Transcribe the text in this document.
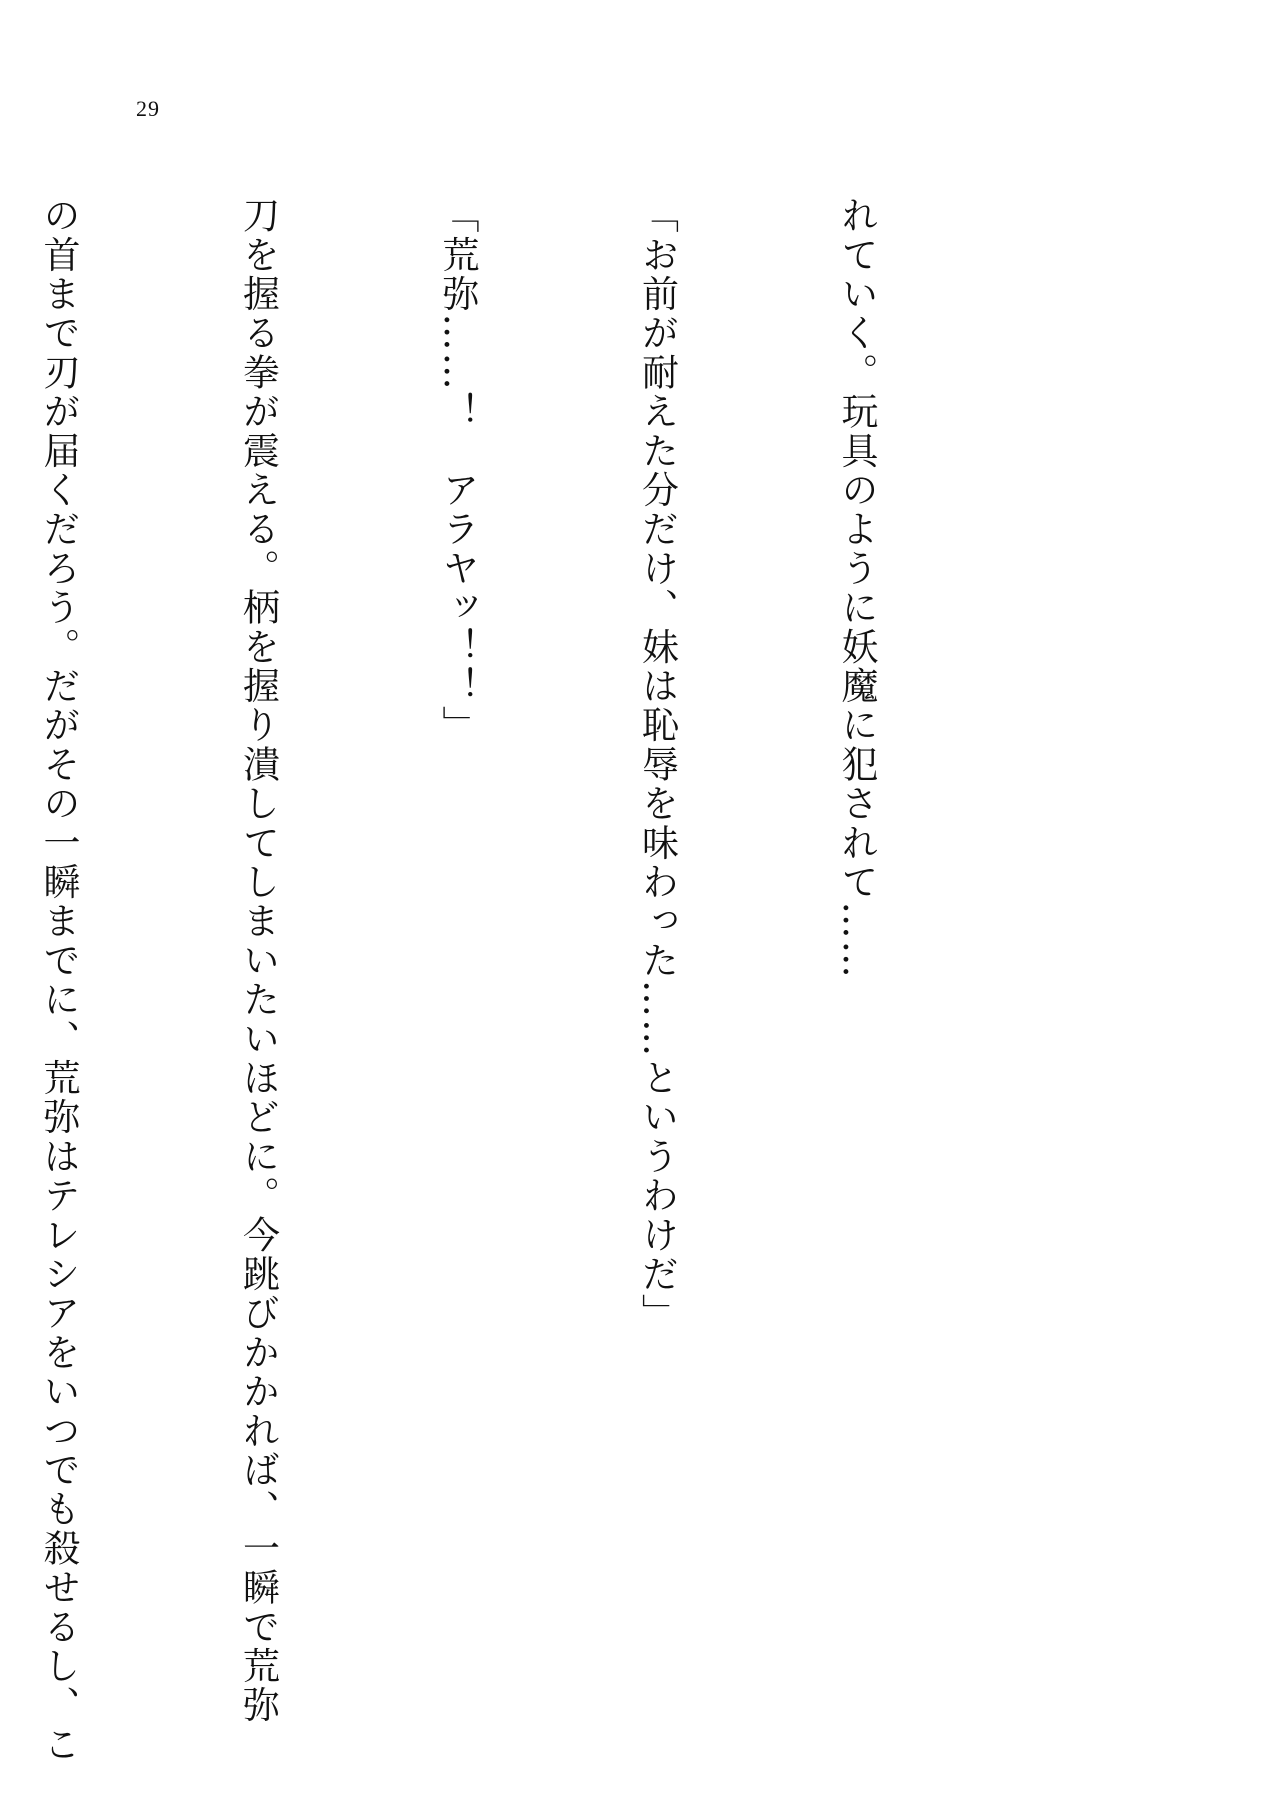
29

れていく。玩具のように妖魔に犯されて……

「お前が耐えた分だけ、妹は恥辱を味わった……というわけだ」

「荒弥……！　アラヤッ！！」

刀を握る拳が震える。柄を握り潰してしまいたいほどに。今跳びかかれば、一瞬で荒弥

の首まで刃が届くだろう。だがその一瞬までに、荒弥はテレシアをいつでも殺せるし、こ
